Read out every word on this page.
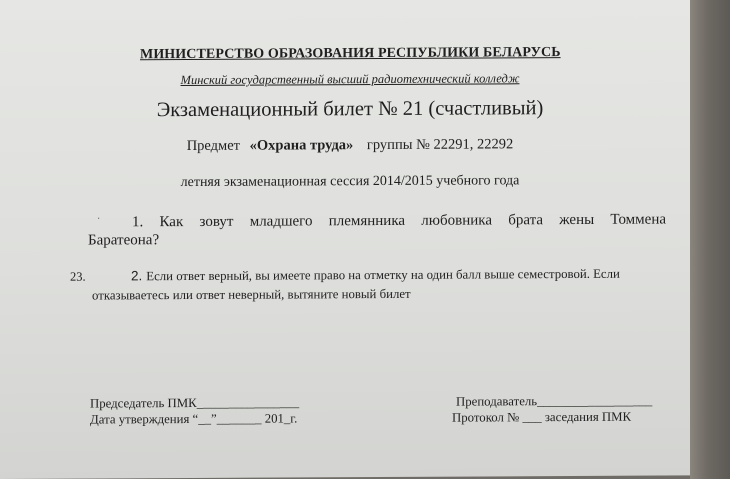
МИНИСТЕРСТВО ОБРАЗОВАНИЯ РЕСПУБЛИКИ БЕЛАРУСЬ
Минский государственный высший радиотехнический колледж
Экзаменационный билет № 21 (счастливый)
Предмет «Охрана труда» группы № 22291, 22292
летняя экзаменационная сессия 2014/2015 учебного года
·	1. Как зовут младшего племянника любовника брата жены Томмена
Баратеона?
23.	2. Если ответ верный, вы имеете право на отметку на один балл выше семестровой. Если
отказываетесь или ответ неверный, вытяните новый билет
Председатель ПМК________________
Дата утверждения “__”_______ 201_г.
Преподаватель__________________
Протокол № ___ заседания ПМК
